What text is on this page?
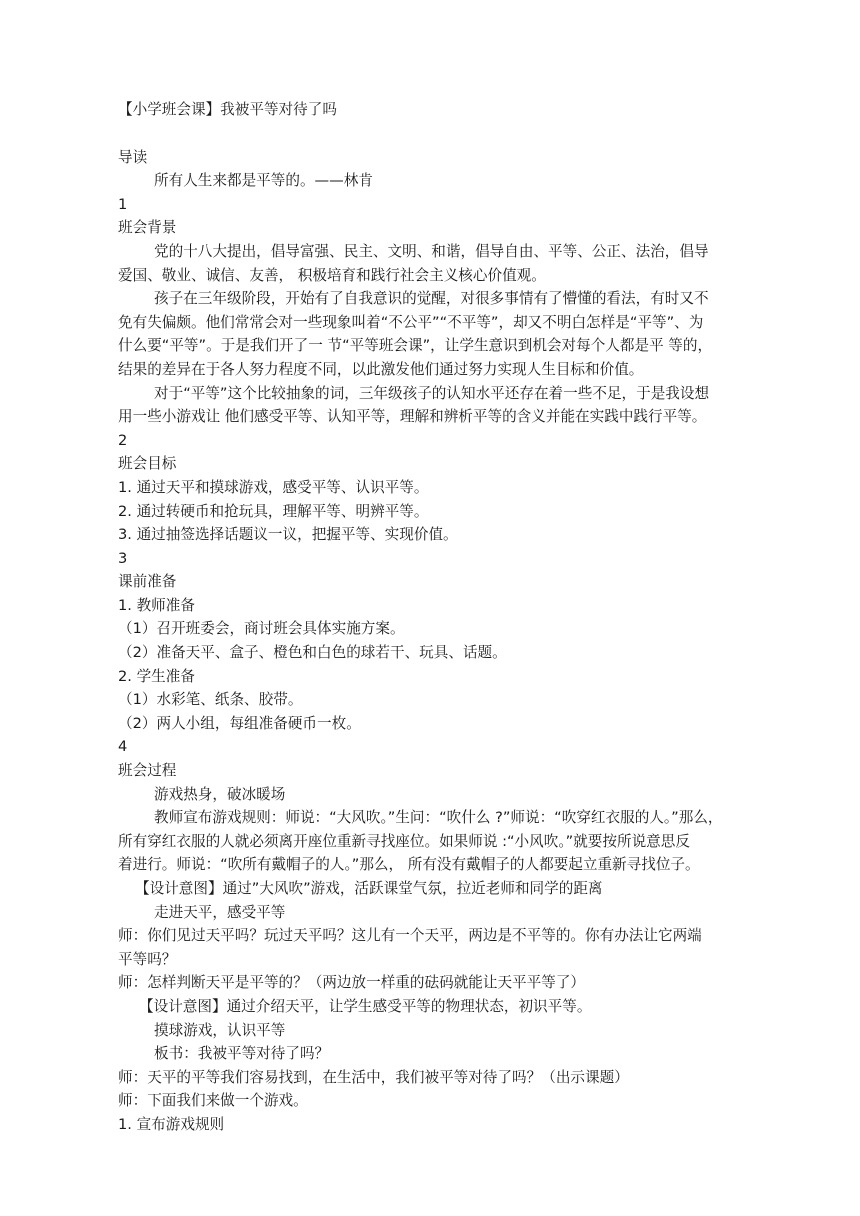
【小学班会课】我被平等对待了吗
导读
所有人生来都是平等的。——林肯
1
班会背景
党的十八大提出，倡导富强、民主、文明、和谐，倡导自由、平等、公正、法治，倡导
爱国、敬业、诚信、友善， 积极培育和践行社会主义核心价值观。
孩子在三年级阶段，开始有了自我意识的觉醒，对很多事情有了懵懂的看法，有时又不
免有失偏颇。他们常常会对一些现象叫着“不公平”“不平等”，却又不明白怎样是“平等”、为
什么要“平等”。于是我们开了一 节“平等班会课”，让学生意识到机会对每个人都是平 等的，
结果的差异在于各人努力程度不同，以此激发他们通过努力实现人生目标和价值。
对于“平等”这个比较抽象的词，三年级孩子的认知水平还存在着一些不足，于是我设想
用一些小游戏让 他们感受平等、认知平等，理解和辨析平等的含义并能在实践中践行平等。
2
班会目标
1. 通过天平和摸球游戏，感受平等、认识平等。
2. 通过转硬币和抢玩具，理解平等、明辨平等。
3. 通过抽签选择话题议一议，把握平等、实现价值。
3
课前准备
1. 教师准备
（1）召开班委会，商讨班会具体实施方案。
（2）准备天平、盒子、橙色和白色的球若干、玩具、话题。
2. 学生准备
（1）水彩笔、纸条、胶带。
（2）两人小组，每组准备硬币一枚。
4
班会过程
游戏热身，破冰暖场
教师宣布游戏规则：师说：“大风吹。”生问：“吹什么 ?”师说：“吹穿红衣服的人。”那么，
所有穿红衣服的人就必须离开座位重新寻找座位。如果师说 :“小风吹。”就要按所说意思反
着进行。师说：“吹所有戴帽子的人。”那么， 所有没有戴帽子的人都要起立重新寻找位子。
【设计意图】通过”大风吹”游戏，活跃课堂气氛，拉近老师和同学的距离
走进天平，感受平等
师：你们见过天平吗？玩过天平吗？这儿有一个天平，两边是不平等的。你有办法让它两端
平等吗？
师：怎样判断天平是平等的？（两边放一样重的砝码就能让天平平等了）
【设计意图】通过介绍天平，让学生感受平等的物理状态，初识平等。
摸球游戏，认识平等
板书：我被平等对待了吗？
师：天平的平等我们容易找到，在生活中，我们被平等对待了吗？（出示课题）
师：下面我们来做一个游戏。
1. 宣布游戏规则
